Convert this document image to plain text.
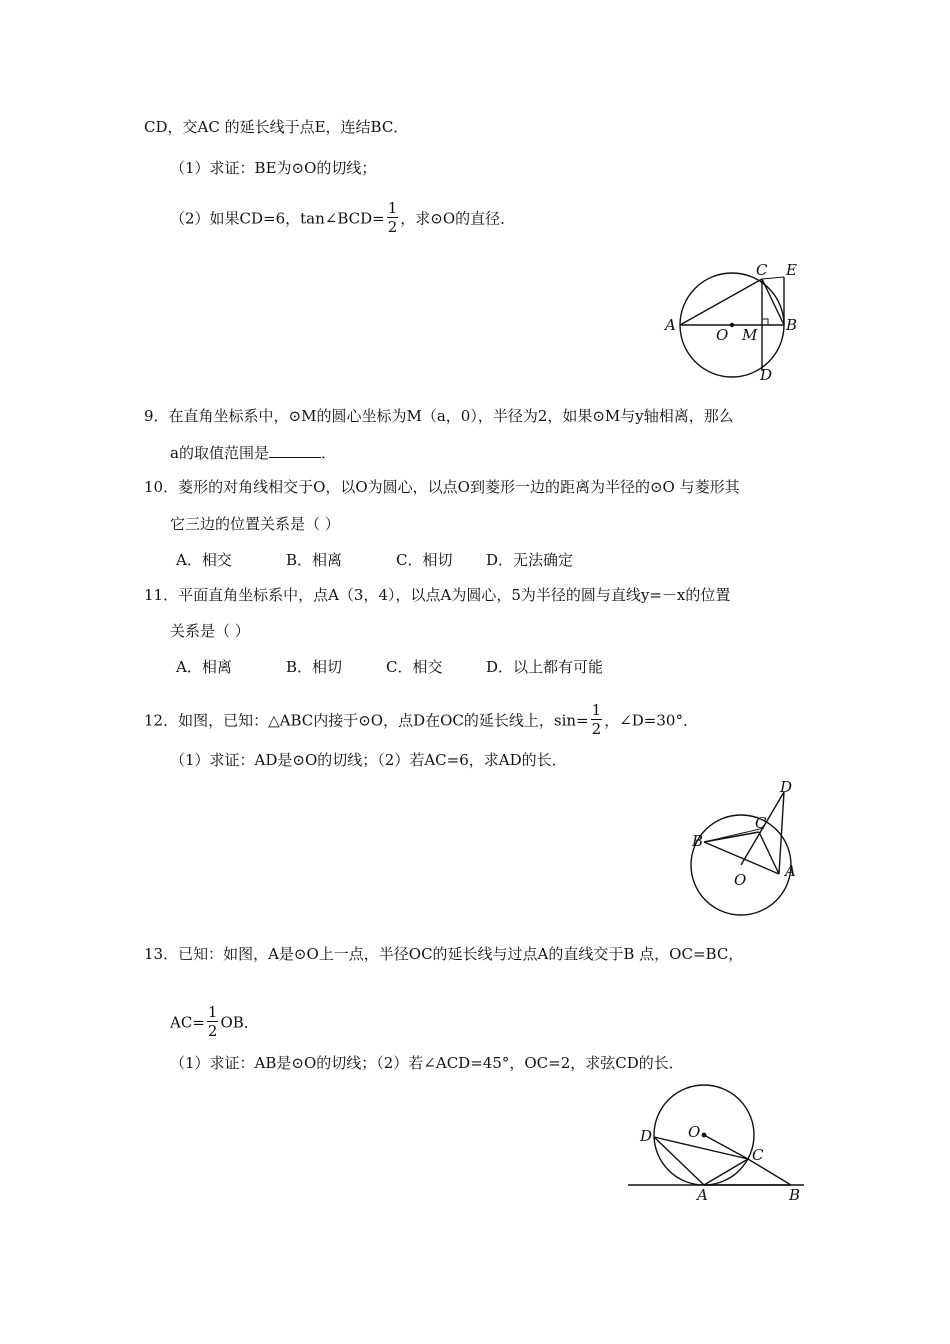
CD，交AC 的延长线于点E，连结BC．
（1）求证：BE为⊙O的切线；
（2）如果CD=6，tan∠BCD= $\frac{1}{2}$ ，求⊙O的直径．
A
O M
B
C E
D
9．在直角坐标系中，⊙M的圆心坐标为M（a，0），半径为2，如果⊙M与y轴相离，那么
a的取值范围是	．
10．菱形的对角线相交于O，以O为圆心，以点O到菱形一边的距离为半径的⊙O 与菱形其
它三边的位置关系是（ ）
A．相交	B．相离	C．相切 D．无法确定
11．平面直角坐标系中，点A（3，4），以点A为圆心，5为半径的圆与直线y=－x的位置
关系是（ ）
A．相离	B．相切	C．相交	D．以上都有可能
12．如图，已知：△ABC内接于⊙O，点D在OC的延长线上，$\sin= \frac{1}{2}$ ，∠D=30°．
（1）求证：AD是⊙O的切线；（2）若AC=6，求AD的长．
B
C
D
O	A
13．已知：如图，A是⊙O上一点，半径OC的延长线与过点A的直线交于B 点，OC=BC，
$AC= \frac{1}{2}$ OB．
（1）求证：AB是⊙O的切线；（2）若∠ACD=45°，OC=2，求弦CD的长．
D O
C
A	B
